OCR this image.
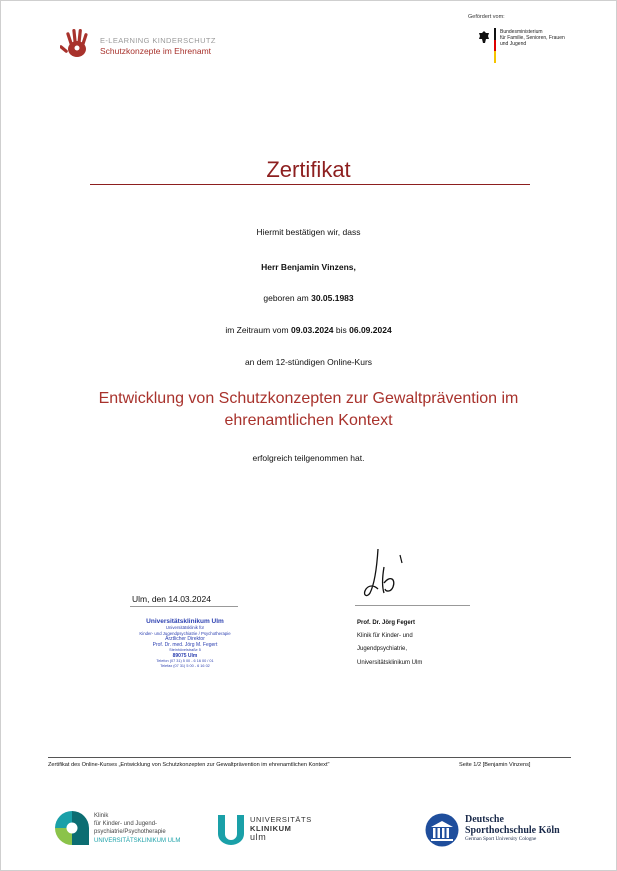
E-LEARNING KINDERSCHUTZ
Schutzkonzepte im Ehrenamt
Gefördert vom:
Bundesministerium
für Familie, Senioren, Frauen
und Jugend
Zertifikat
Hiermit bestätigen wir, dass
Herr Benjamin Vinzens,
geboren am 30.05.1983
im Zeitraum vom 09.03.2024 bis 06.09.2024
an dem 12-stündigen Online-Kurs
Entwicklung von Schutzkonzepten zur Gewaltprävention im
ehrenamtlichen Kontext
erfolgreich teilgenommen hat.
Ulm, den 14.03.2024
Universitätsklinikum Ulm
Universitätsklinik für
Kinder- und Jugendpsychiatrie / Psychotherapie
Ärztlicher Direktor
Prof. Dr. med. Jörg M. Fegert
Steinhövelstraße 5
89075 Ulm
Telefon (07 31) 5 00 - 6 16 00 / 01
Telefax (07 31) 5 00 - 6 16 02
Prof. Dr. Jörg Fegert
Klinik für Kinder- und
Jugendpsychiatrie,
Universitätsklinikum Ulm
Zertifikat des Online-Kurses „Entwicklung von Schutzkonzepten zur Gewaltprävention im ehrenamtlichen Kontext"	Seite 1/2 [Benjamin Vinzens]
Klinik
für Kinder- und Jugend-
psychiatrie/Psychotherapie
UNIVERSITÄTSKLINIKUM ULM
UNIVERSITÄTS
KLINIKUM
ulm
Deutsche
Sporthochschule Köln
German Sport University Cologne
